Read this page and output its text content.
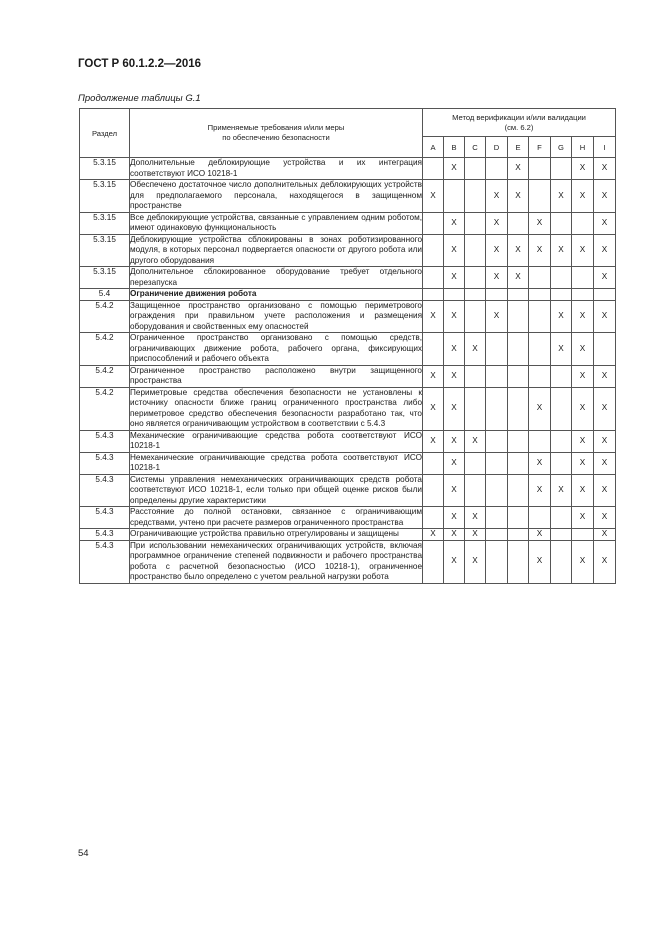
ГОСТ Р 60.1.2.2—2016
Продолжение таблицы G.1
Раздел	Применяемые требования и/или меры
по обеспечению безопасности	Метод верификации и/или валидации
(см. 6.2)								
		A	B	C	D	E	F	G	H	I
5.3.15	Дополнительные деблокирующие устройства и их интеграция соответствуют ИСО 10218-1		X			X			X	X
5.3.15	Обеспечено достаточное число дополнительных деблокирующих устройств для предполагаемого персонала, находящегося в защищенном пространстве	X			X	X		X	X	X
5.3.15	Все деблокирующие устройства, связанные с управлением одним роботом, имеют одинаковую функциональность		X		X		X			X
5.3.15	Деблокирующие устройства сблокированы в зонах роботизированного модуля, в которых персонал подвергается опасности от другого робота или другого оборудования		X		X	X	X	X	X	X
5.3.15	Дополнительное сблокированное оборудование требует отдельного перезапуска		X		X	X				X
5.4	Ограничение движения робота									
5.4.2	Защищенное пространство организовано с помощью периметрового ограждения при правильном учете расположения и размещения оборудования и свойственных ему опасностей	X	X		X			X	X	X
5.4.2	Ограниченное пространство организовано с помощью средств, ограничивающих движение робота, рабочего органа, фиксирующих приспособлений и рабочего объекта		X	X				X	X	
5.4.2	Ограниченное пространство расположено внутри защищенного пространства	X	X						X	X
5.4.2	Периметровые средства обеспечения безопасности не установлены к источнику опасности ближе границ ограниченного пространства либо периметровое средство обеспечения безопасности разработано так, что оно является ограничивающим устройством в соответствии с 5.4.3	X	X				X		X	X
5.4.3	Механические ограничивающие средства робота соответствуют ИСО 10218-1	X	X	X					X	X
5.4.3	Немеханические ограничивающие средства робота соответствуют ИСО 10218-1		X				X		X	X
5.4.3	Системы управления немеханических ограничивающих средств робота соответствуют ИСО 10218-1, если только при общей оценке рисков были определены другие характеристики		X				X	X	X	X
5.4.3	Расстояние до полной остановки, связанное с ограничивающим средствами, учтено при расчете размеров ограниченного пространства		X	X					X	X
5.4.3	Ограничивающие устройства правильно отрегулированы и защищены	X	X	X			X			X
5.4.3	При использовании немеханических ограничивающих устройств, включая программное ограничение степеней подвижности и рабочего пространства робота с расчетной безопасностью (ИСО 10218-1), ограниченное пространство было определено с учетом реальной нагрузки робота		X	X			X		X	X
54
